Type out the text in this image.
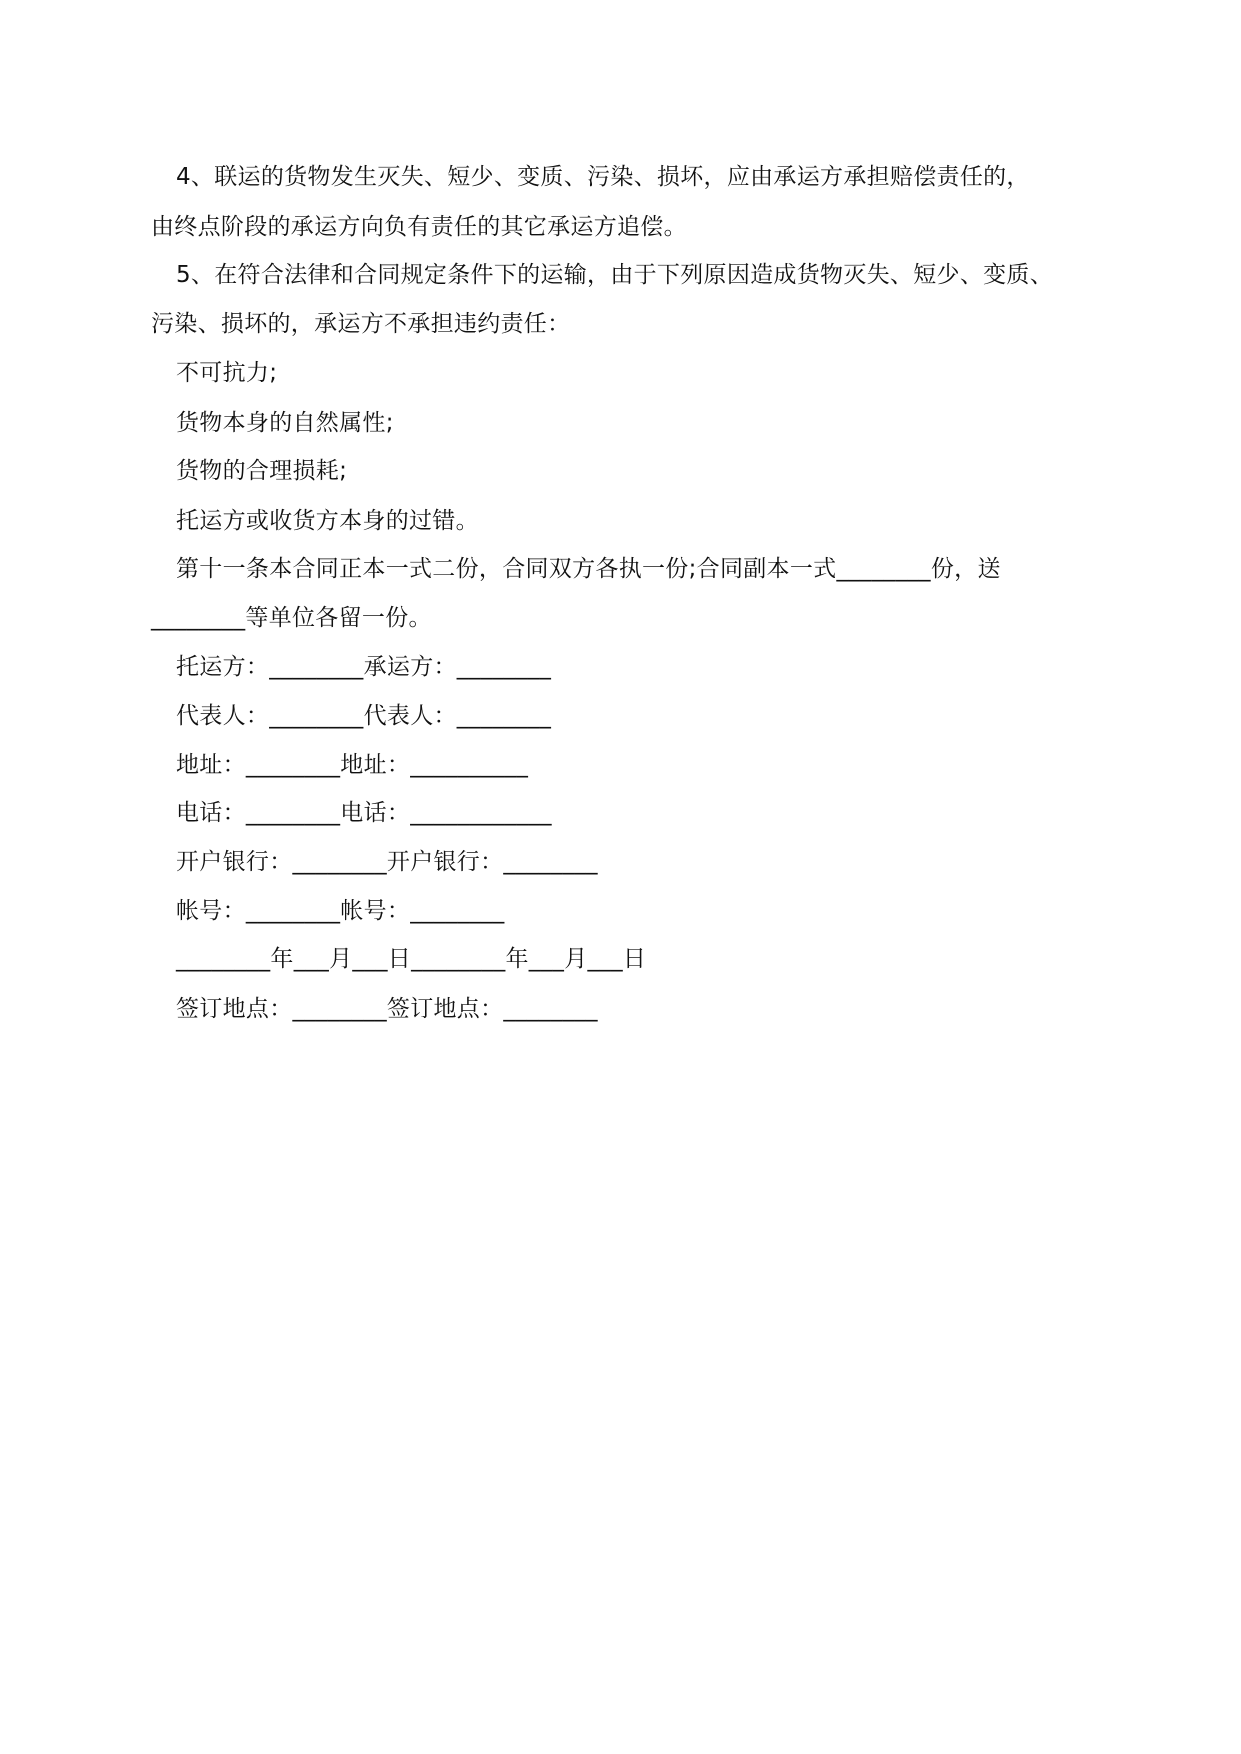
4、联运的货物发生灭失、短少、变质、污染、损坏，应由承运方承担赔偿责任的，
由终点阶段的承运方向负有责任的其它承运方追偿。
5、在符合法律和合同规定条件下的运输，由于下列原因造成货物灭失、短少、变质、
污染、损坏的，承运方不承担违约责任：
不可抗力;
货物本身的自然属性;
货物的合理损耗;
托运方或收货方本身的过错。
第十一条本合同正本一式二份，合同双方各执一份;合同副本一式________份，送
________等单位各留一份。
托运方：________承运方：________
代表人：________代表人：________
地址：________地址：__________
电话：________电话：____________
开户银行：________开户银行：________
帐号：________帐号：________
________年___月___日________年___月___日
签订地点：________签订地点：________
